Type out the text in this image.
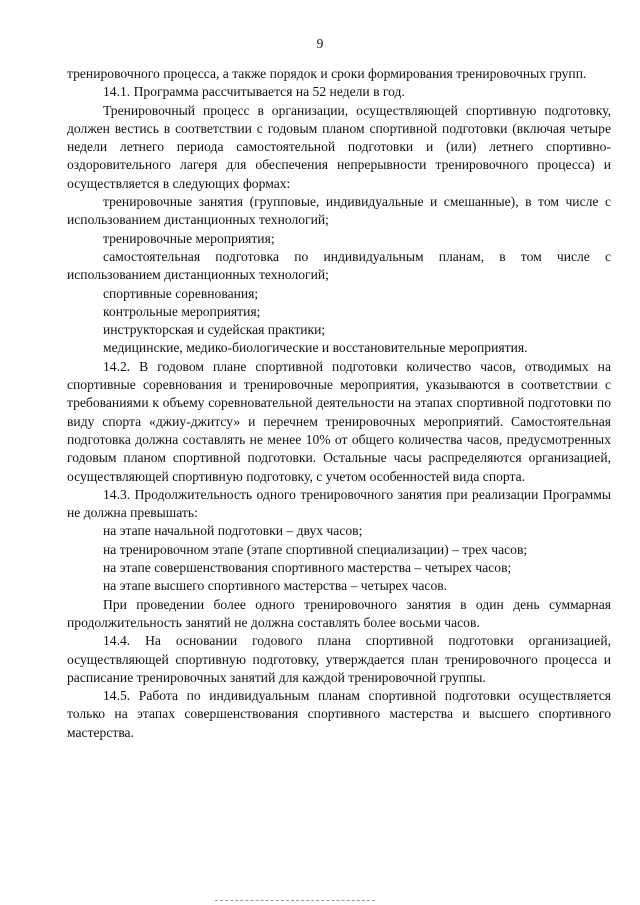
9

тренировочного процесса, а также порядок и сроки формирования тренировочных групп.

14.1. Программа рассчитывается на 52 недели в год.

Тренировочный процесс в организации, осуществляющей спортивную подготовку, должен вестись в соответствии с годовым планом спортивной подготовки (включая четыре недели летнего периода самостоятельной подготовки и (или) летнего спортивно-оздоровительного лагеря для обеспечения непрерывности тренировочного процесса) и осуществляется в следующих формах:

тренировочные занятия (групповые, индивидуальные и смешанные), в том числе с использованием дистанционных технологий;

тренировочные мероприятия;

самостоятельная подготовка по индивидуальным планам, в том числе с использованием дистанционных технологий;

спортивные соревнования;

контрольные мероприятия;

инструкторская и судейская практики;

медицинские, медико-биологические и восстановительные мероприятия.

14.2. В годовом плане спортивной подготовки количество часов, отводимых на спортивные соревнования и тренировочные мероприятия, указываются в соответствии с требованиями к объему соревновательной деятельности на этапах спортивной подготовки по виду спорта «джиу-джитсу» и перечнем тренировочных мероприятий. Самостоятельная подготовка должна составлять не менее 10% от общего количества часов, предусмотренных годовым планом спортивной подготовки. Остальные часы распределяются организацией, осуществляющей спортивную подготовку, с учетом особенностей вида спорта.

14.3. Продолжительность одного тренировочного занятия при реализации Программы не должна превышать:

на этапе начальной подготовки – двух часов;

на тренировочном этапе (этапе спортивной специализации) – трех часов;

на этапе совершенствования спортивного мастерства – четырех часов;

на этапе высшего спортивного мастерства – четырех часов.

При проведении более одного тренировочного занятия в один день суммарная продолжительность занятий не должна составлять более восьми часов.

14.4. На основании годового плана спортивной подготовки организацией, осуществляющей спортивную подготовку, утверждается план тренировочного процесса и расписание тренировочных занятий для каждой тренировочной группы.

14.5. Работа по индивидуальным планам спортивной подготовки осуществляется только на этапах совершенствования спортивного мастерства и высшего спортивного мастерства.
